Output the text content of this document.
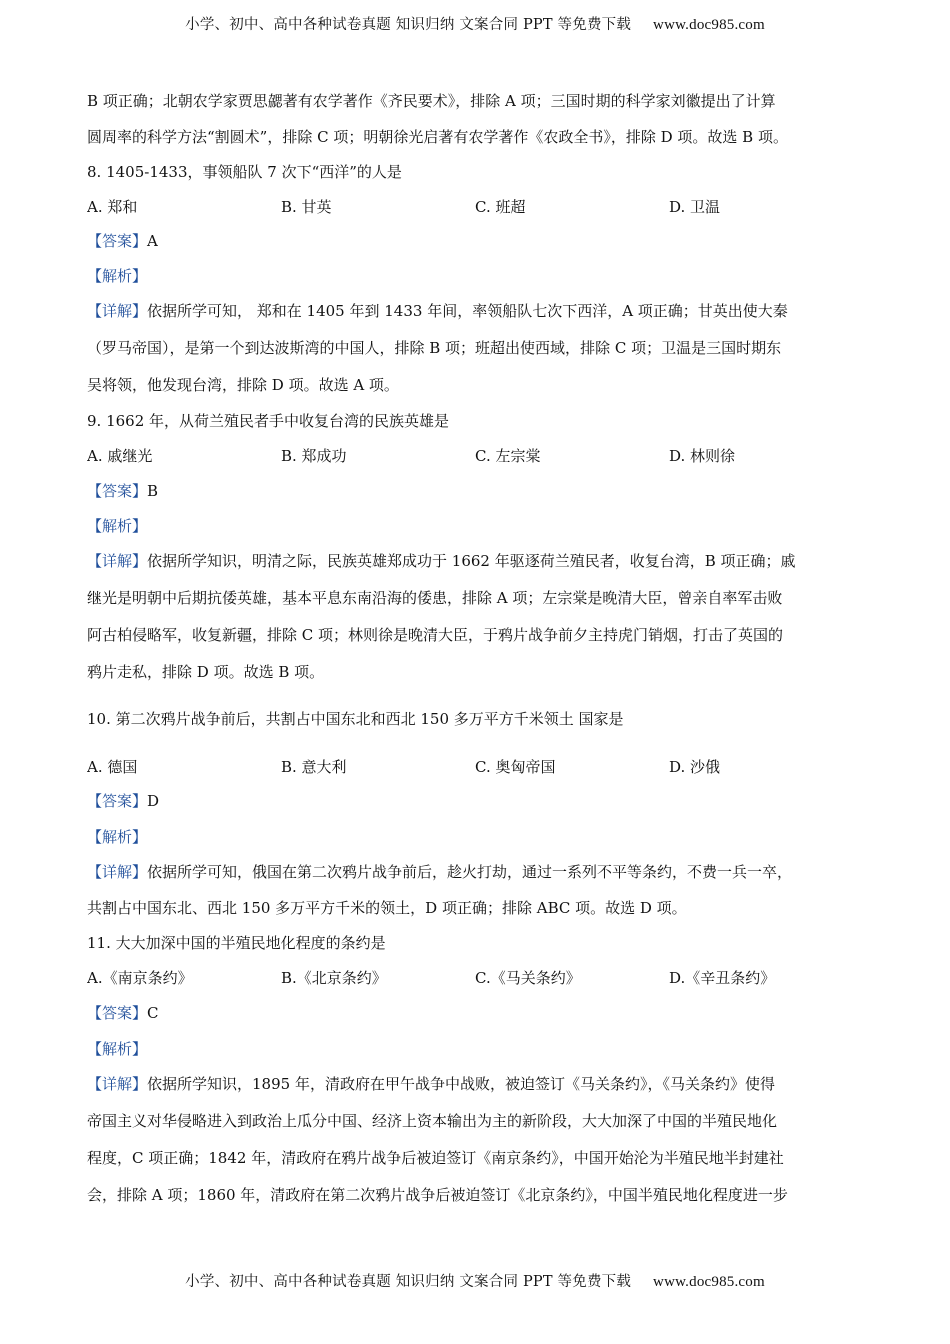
小学、初中、高中各种试卷真题 知识归纳 文案合同 PPT 等免费下载 www.doc985.com
B 项正确；北朝农学家贾思勰著有农学著作《齐民要术》，排除 A 项；三国时期的科学家刘徽提出了计算
圆周率的科学方法“割圆术”，排除 C 项；明朝徐光启著有农学著作《农政全书》，排除 D 项。故选 B 项。
8. 1405-1433，事领船队 7 次下“西洋”的人是
A. 郑和	B. 甘英	C. 班超	D. 卫温
【答案】A
【解析】
【详解】依据所学可知， 郑和在 1405 年到 1433 年间，率领船队七次下西洋，A 项正确；甘英出使大秦
（罗马帝国），是第一个到达波斯湾的中国人，排除 B 项；班超出使西域，排除 C 项；卫温是三国时期东
吴将领，他发现台湾，排除 D 项。故选 A 项。
9. 1662 年，从荷兰殖民者手中收复台湾的民族英雄是
A. 戚继光	B. 郑成功	C. 左宗棠	D. 林则徐
【答案】B
【解析】
【详解】依据所学知识，明清之际，民族英雄郑成功于 1662 年驱逐荷兰殖民者，收复台湾，B 项正确；戚
继光是明朝中后期抗倭英雄，基本平息东南沿海的倭患，排除 A 项；左宗棠是晚清大臣，曾亲自率军击败
阿古柏侵略军，收复新疆，排除 C 项；林则徐是晚清大臣，于鸦片战争前夕主持虎门销烟，打击了英国的
鸦片走私，排除 D 项。故选 B 项。
10. 第二次鸦片战争前后，共割占中国东北和西北 150 多万平方千米领土 国家是
A. 德国	B. 意大利	C. 奥匈帝国	D. 沙俄
【答案】D
【解析】
【详解】依据所学可知，俄国在第二次鸦片战争前后，趁火打劫，通过一系列不平等条约，不费一兵一卒，
共割占中国东北、西北 150 多万平方千米的领土，D 项正确；排除 ABC 项。故选 D 项。
11. 大大加深中国的半殖民地化程度的条约是
A.《南京条约》	B.《北京条约》	C.《马关条约》	D.《辛丑条约》
【答案】C
【解析】
【详解】依据所学知识，1895 年，清政府在甲午战争中战败，被迫签订《马关条约》，《马关条约》使得
帝国主义对华侵略进入到政治上瓜分中国、经济上资本输出为主的新阶段，大大加深了中国的半殖民地化
程度，C 项正确；1842 年，清政府在鸦片战争后被迫签订《南京条约》，中国开始沦为半殖民地半封建社
会，排除 A 项；1860 年，清政府在第二次鸦片战争后被迫签订《北京条约》，中国半殖民地化程度进一步
小学、初中、高中各种试卷真题 知识归纳 文案合同 PPT 等免费下载 www.doc985.com
